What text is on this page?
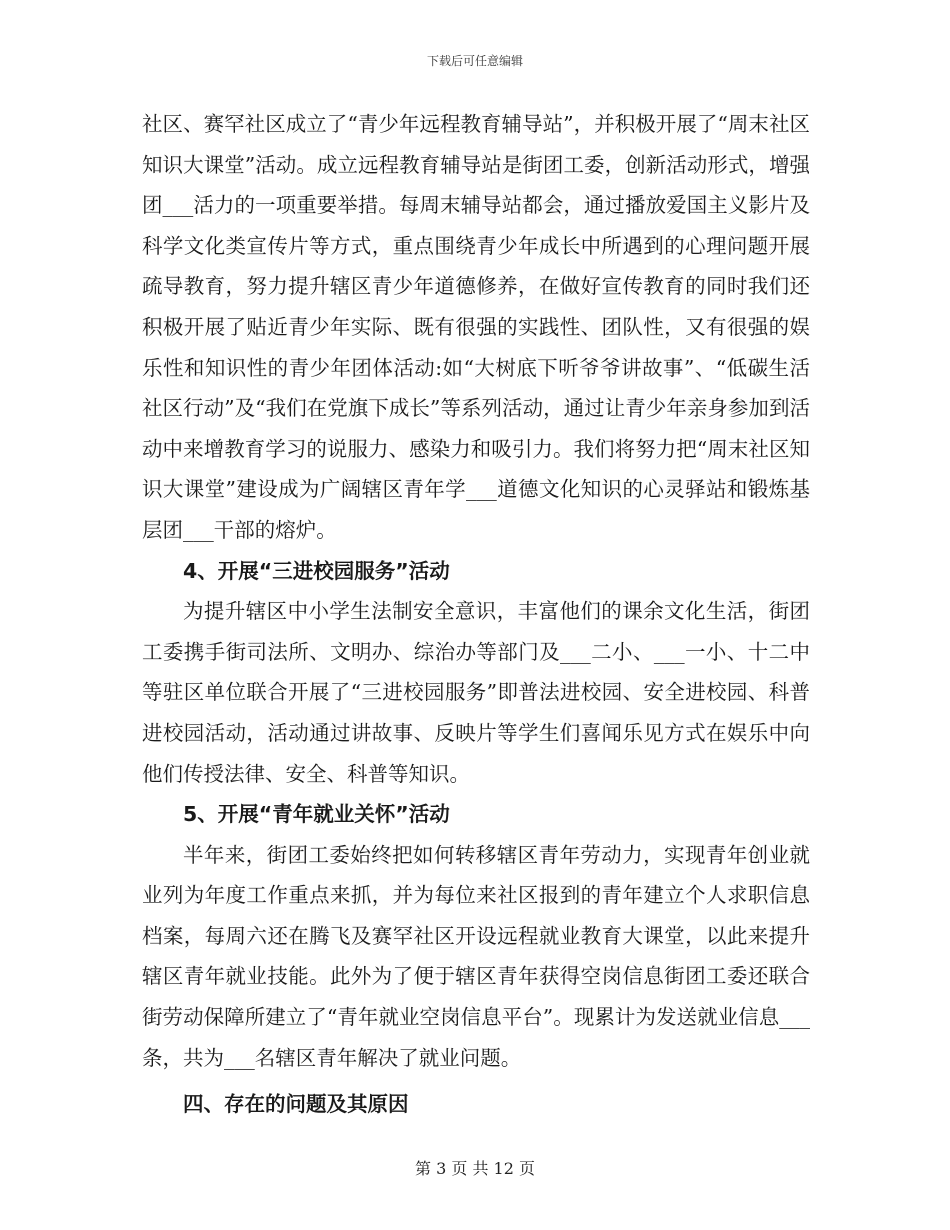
下载后可任意编辑

社区、赛罕社区成立了“青少年远程教育辅导站”，并积极开展了“周末社区知识大课堂”活动。成立远程教育辅导站是街团工委，创新活动形式，增强团___活力的一项重要举措。每周末辅导站都会，通过播放爱国主义影片及科学文化类宣传片等方式，重点围绕青少年成长中所遇到的心理问题开展疏导教育，努力提升辖区青少年道德修养，在做好宣传教育的同时我们还积极开展了贴近青少年实际、既有很强的实践性、团队性，又有很强的娱乐性和知识性的青少年团体活动:如“大树底下听爷爷讲故事”、“低碳生活社区行动”及“我们在党旗下成长”等系列活动，通过让青少年亲身参加到活动中来增教育学习的说服力、感染力和吸引力。我们将努力把“周末社区知识大课堂”建设成为广阔辖区青年学___道德文化知识的心灵驿站和锻炼基层团___干部的熔炉。

4、开展“三进校园服务”活动

为提升辖区中小学生法制安全意识，丰富他们的课余文化生活，街团工委携手街司法所、文明办、综治办等部门及___二小、___一小、十二中等驻区单位联合开展了“三进校园服务”即普法进校园、安全进校园、科普进校园活动，活动通过讲故事、反映片等学生们喜闻乐见方式在娱乐中向他们传授法律、安全、科普等知识。

5、开展“青年就业关怀”活动

半年来，街团工委始终把如何转移辖区青年劳动力，实现青年创业就业列为年度工作重点来抓，并为每位来社区报到的青年建立个人求职信息档案，每周六还在腾飞及赛罕社区开设远程就业教育大课堂，以此来提升辖区青年就业技能。此外为了便于辖区青年获得空岗信息街团工委还联合街劳动保障所建立了“青年就业空岗信息平台”。现累计为发送就业信息___条，共为___名辖区青年解决了就业问题。

四、存在的问题及其原因

第 3 页 共 12 页
